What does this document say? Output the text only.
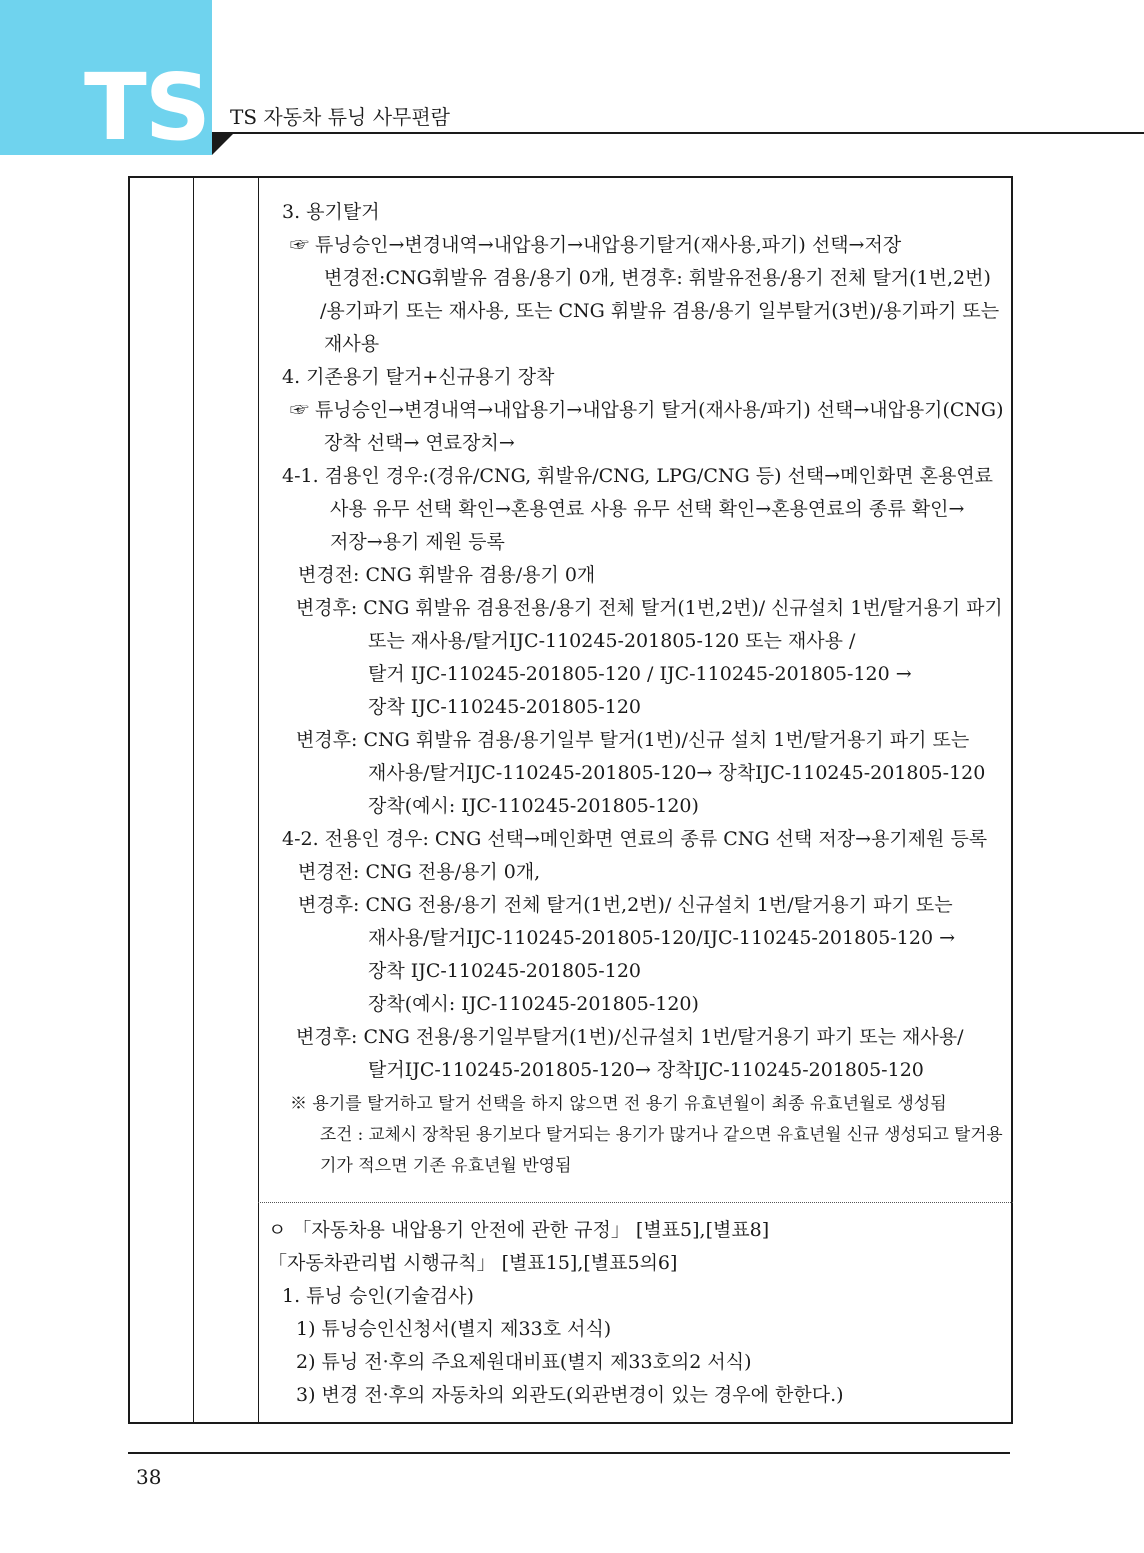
TS TS 자동차 튜닝 사무편람
3. 용기탈거
☞ 튜닝승인→변경내역→내압용기→내압용기탈거(재사용,파기) 선택→저장
변경전:CNG휘발유 겸용/용기 0개, 변경후: 휘발유전용/용기 전체 탈거(1번,2번)
/용기파기 또는 재사용, 또는 CNG 휘발유 겸용/용기 일부탈거(3번)/용기파기 또는
재사용
4. 기존용기 탈거+신규용기 장착
☞ 튜닝승인→변경내역→내압용기→내압용기 탈거(재사용/파기) 선택→내압용기(CNG)
장착 선택→ 연료장치→
4-1. 겸용인 경우:(경유/CNG, 휘발유/CNG, LPG/CNG 등) 선택→메인화면 혼용연료
사용 유무 선택 확인→혼용연료 사용 유무 선택 확인→혼용연료의 종류 확인→
저장→용기 제원 등록
변경전: CNG 휘발유 겸용/용기 0개
변경후: CNG 휘발유 겸용전용/용기 전체 탈거(1번,2번)/ 신규설치 1번/탈거용기 파기
또는 재사용/탈거IJC-110245-201805-120 또는 재사용 /
탈거 IJC-110245-201805-120 / IJC-110245-201805-120 →
장착 IJC-110245-201805-120
변경후: CNG 휘발유 겸용/용기일부 탈거(1번)/신규 설치 1번/탈거용기 파기 또는
재사용/탈거IJC-110245-201805-120→ 장착IJC-110245-201805-120
장착(예시: IJC-110245-201805-120)
4-2. 전용인 경우: CNG 선택→메인화면 연료의 종류 CNG 선택 저장→용기제원 등록
변경전: CNG 전용/용기 0개,
변경후: CNG 전용/용기 전체 탈거(1번,2번)/ 신규설치 1번/탈거용기 파기 또는
재사용/탈거IJC-110245-201805-120/IJC-110245-201805-120 →
장착 IJC-110245-201805-120
장착(예시: IJC-110245-201805-120)
변경후: CNG 전용/용기일부탈거(1번)/신규설치 1번/탈거용기 파기 또는 재사용/
탈거IJC-110245-201805-120→ 장착IJC-110245-201805-120
※ 용기를 탈거하고 탈거 선택을 하지 않으면 전 용기 유효년월이 최종 유효년월로 생성됨
조건 : 교체시 장착된 용기보다 탈거되는 용기가 많거나 같으면 유효년월 신규 생성되고 탈거용
기가 적으면 기존 유효년월 반영됨
ㅇ 「자동차용 내압용기 안전에 관한 규정」 [별표5],[별표8]
「자동차관리법 시행규칙」 [별표15],[별표5의6]
1. 튜닝 승인(기술검사)
1) 튜닝승인신청서(별지 제33호 서식)
2) 튜닝 전·후의 주요제원대비표(별지 제33호의2 서식)
3) 변경 전·후의 자동차의 외관도(외관변경이 있는 경우에 한한다.)
38
